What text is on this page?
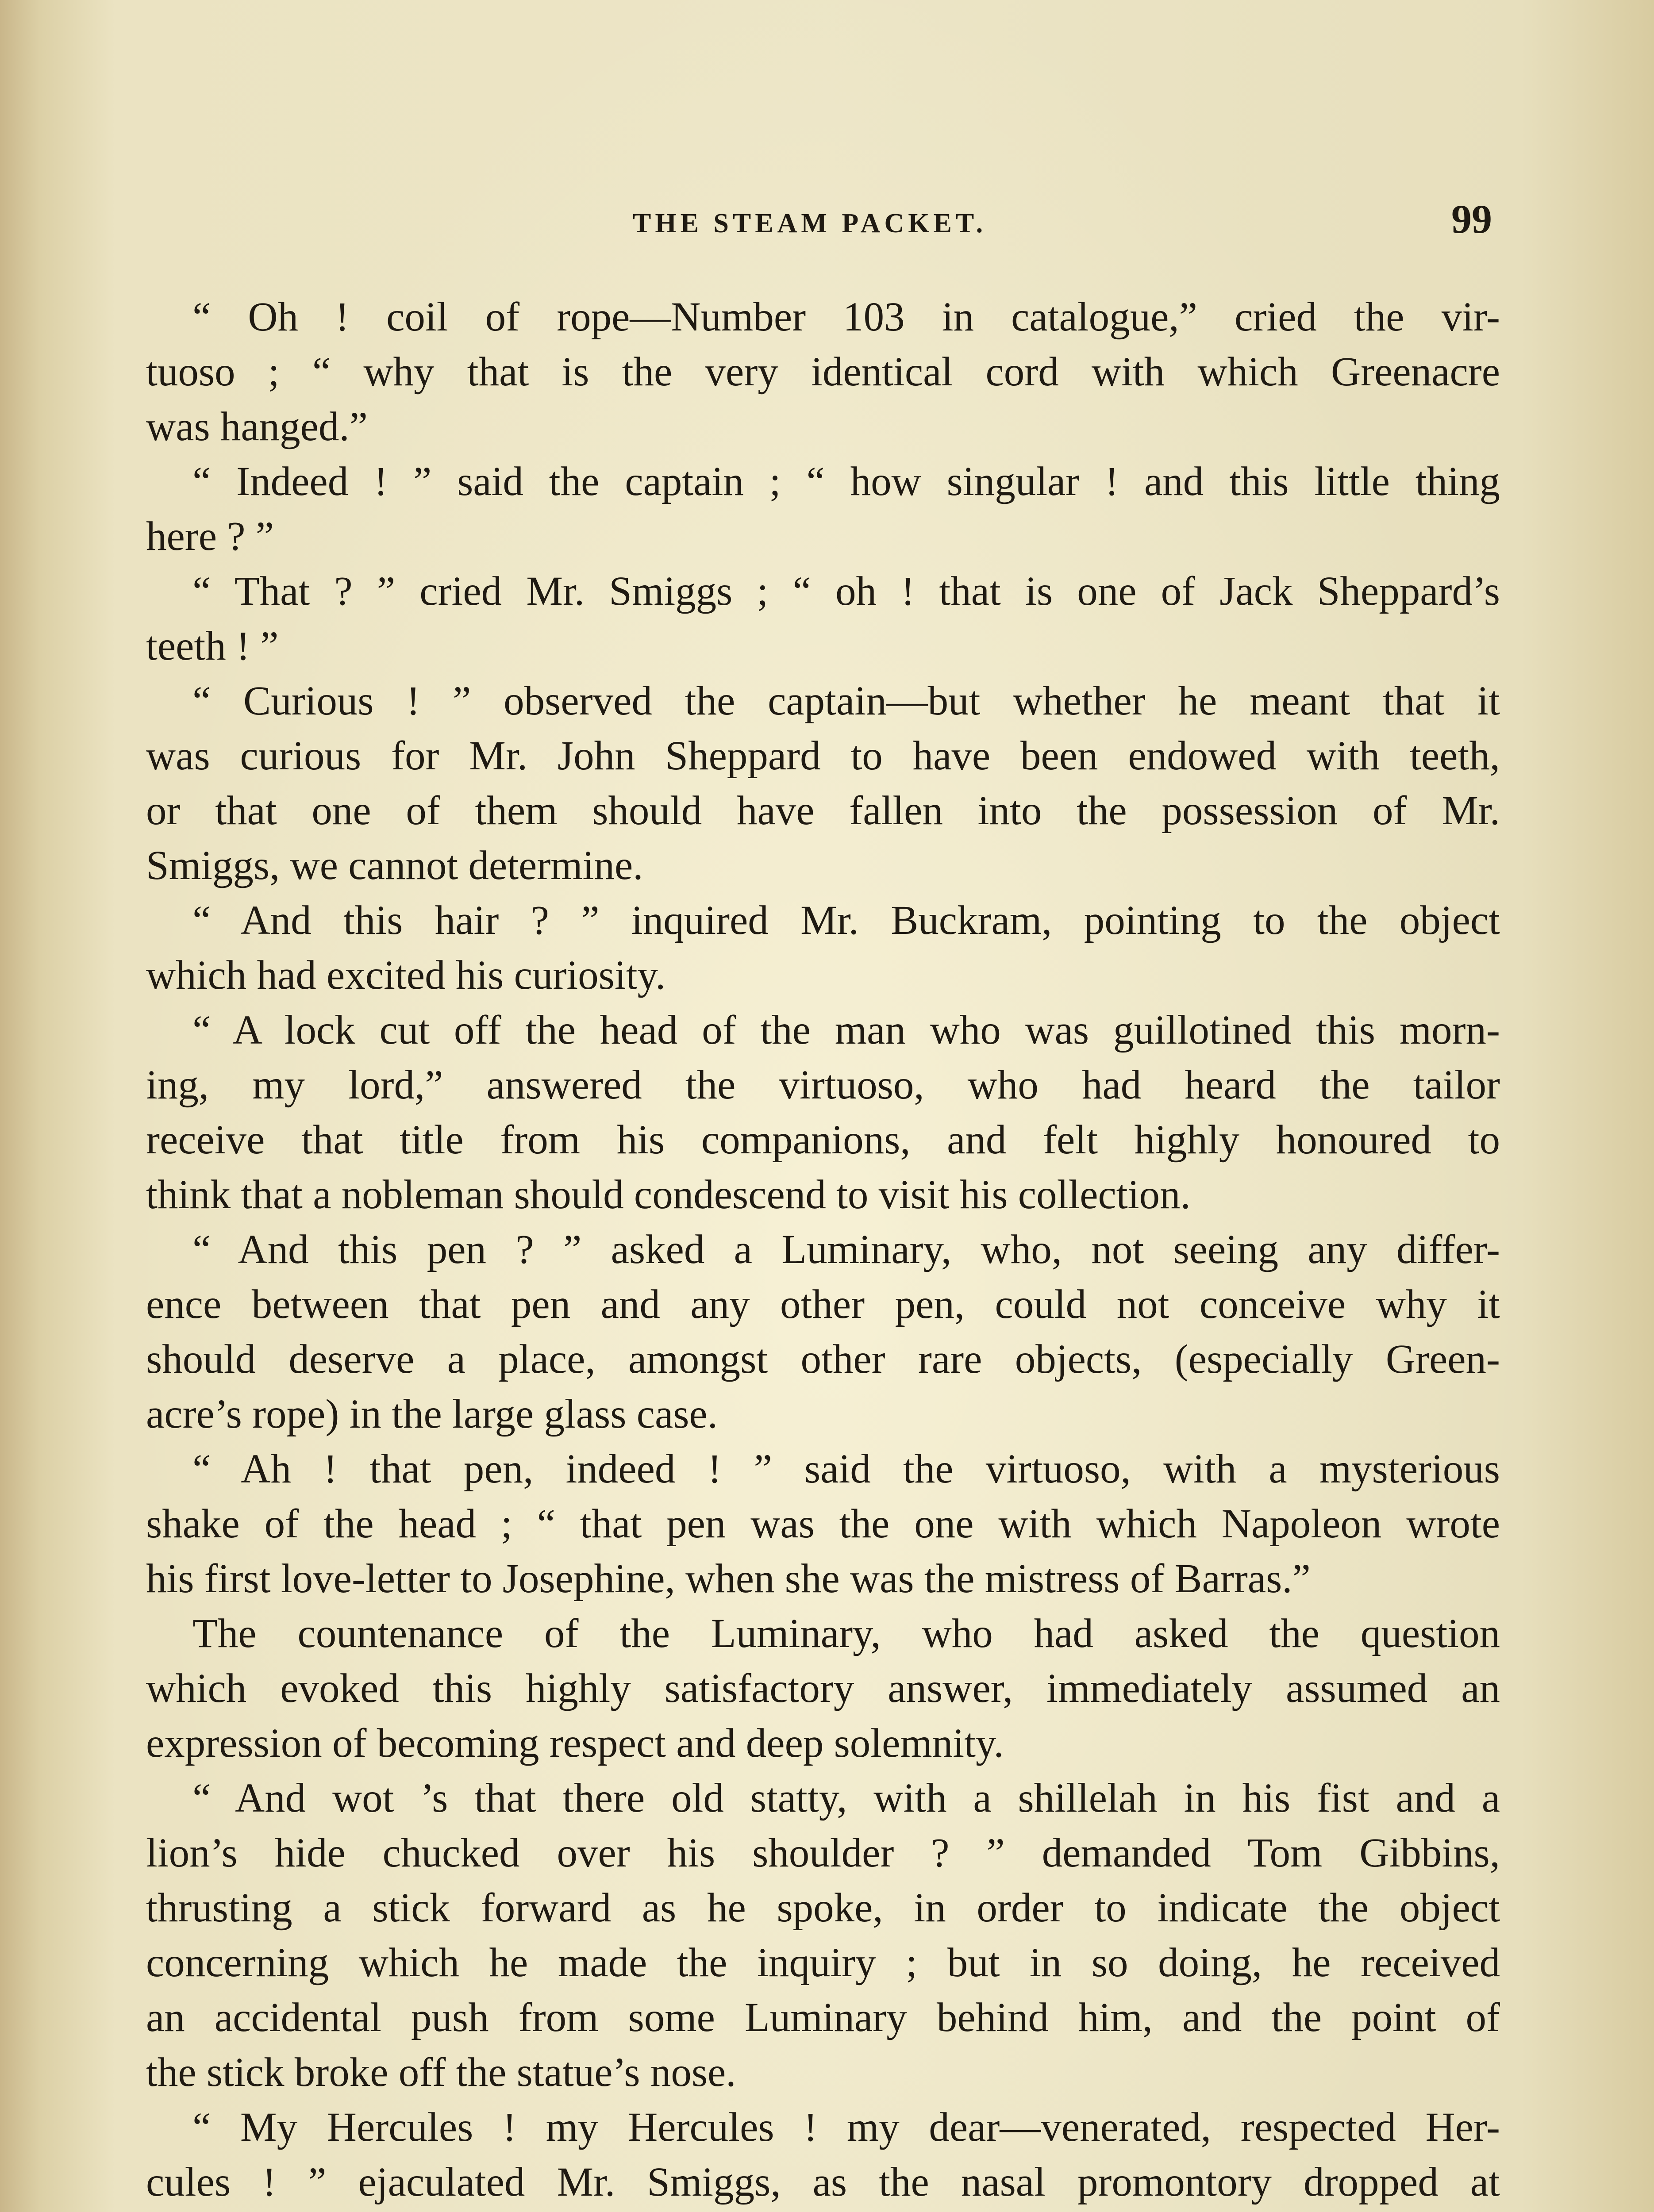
THE STEAM PACKET.	99
“ Oh ! coil of rope—Number 103 in catalogue,” cried the vir-
tuoso ; “ why that is the very identical cord with which Greenacre
was hanged.”
“ Indeed ! ” said the captain ; “ how singular ! and this little thing
here ? ”
“ That ? ” cried Mr. Smiggs ; “ oh ! that is one of Jack Sheppard’s
teeth ! ”
“ Curious ! ” observed the captain—but whether he meant that it
was curious for Mr. John Sheppard to have been endowed with teeth,
or that one of them should have fallen into the possession of Mr.
Smiggs, we cannot determine.
“ And this hair ? ” inquired Mr. Buckram, pointing to the object
which had excited his curiosity.
“ A lock cut off the head of the man who was guillotined this morn-
ing, my lord,” answered the virtuoso, who had heard the tailor
receive that title from his companions, and felt highly honoured to
think that a nobleman should condescend to visit his collection.
“ And this pen ? ” asked a Luminary, who, not seeing any differ-
ence between that pen and any other pen, could not conceive why it
should deserve a place, amongst other rare objects, (especially Green-
acre’s rope) in the large glass case.
“ Ah ! that pen, indeed ! ” said the virtuoso, with a mysterious
shake of the head ; “ that pen was the one with which Napoleon wrote
his first love-letter to Josephine, when she was the mistress of Barras.”
The countenance of the Luminary, who had asked the question
which evoked this highly satisfactory answer, immediately assumed an
expression of becoming respect and deep solemnity.
“ And wot ’s that there old statty, with a shillelah in his fist and a
lion’s hide chucked over his shoulder ? ” demanded Tom Gibbins,
thrusting a stick forward as he spoke, in order to indicate the object
concerning which he made the inquiry ; but in so doing, he received
an accidental push from some Luminary behind him, and the point of
the stick broke off the statue’s nose.
“ My Hercules ! my Hercules ! my dear—venerated, respected Her-
cules ! ” ejaculated Mr. Smiggs, as the nasal promontory dropped at
